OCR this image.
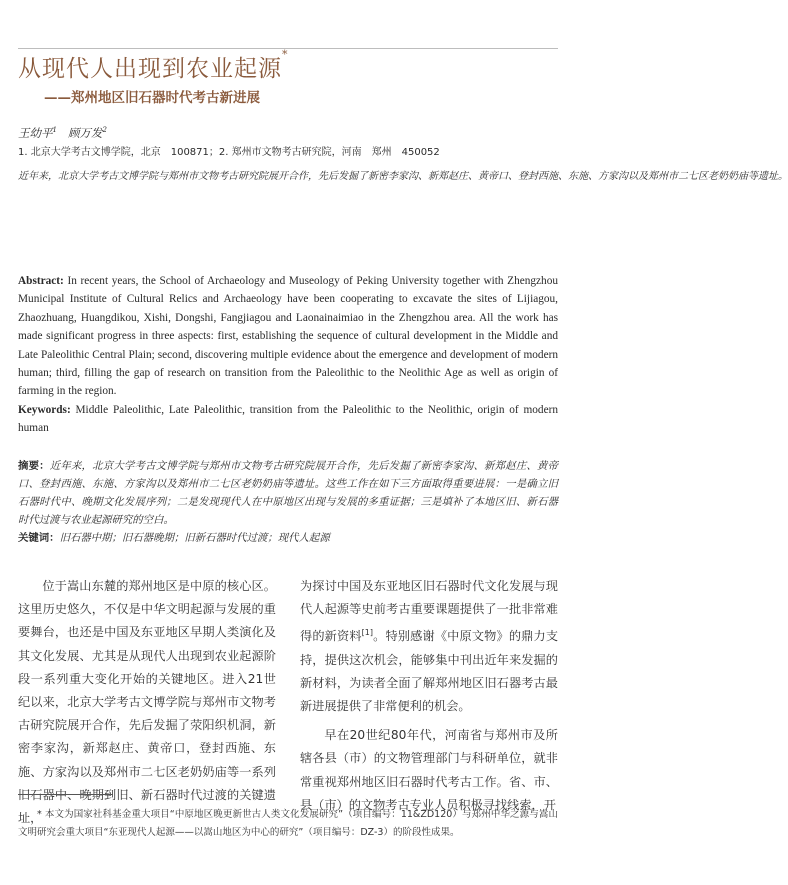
从现代人出现到农业起源*
——郑州地区旧石器时代考古新进展
王幼平$^1$ 顾万发$^2$
1. 北京大学考古文博学院，北京　100871；2. 郑州市文物考古研究院，河南　郑州　450052
近年来，北京大学考古文博学院与郑州市文物考古研究院展开合作，先后发掘了新密李家沟、新郑赵庄、黄帝口、登封西施、东施、方家沟以及郑州市二七区老奶奶庙等遗址。

Abstract: In recent years, the School of Archaeology and Museology of Peking University together with Zhengzhou Municipal Institute of Cultural Relics and Archaeology have been cooperating to excavate the sites of Lijiagou, Zhaozhuang, Huangdikou, Xishi, Dongshi, Fangjiagou and Laonainaimiao in the Zhengzhou area. All the work has made significant progress in three aspects: first, establishing the sequence of cultural development in the Middle and Late Paleolithic Central Plain; second, discovering multiple evidence about the emergence and development of modern human; third, filling the gap of research on transition from the Paleolithic to the Neolithic Age as well as origin of farming in the region.

Keywords: Middle Paleolithic, Late Paleolithic, transition from the Paleolithic to the Neolithic, origin of modern human

摘要：近年来，北京大学考古文博学院与郑州市文物考古研究院展开合作，先后发掘了新密李家沟、新郑赵庄、黄帝口、登封西施、东施、方家沟以及郑州市二七区老奶奶庙等遗址。这些工作在如下三方面取得重要进展：一是确立旧石器时代中、晚期文化发展序列；二是发现现代人在中原地区出现与发展的多重证据；三是填补了本地区旧、新石器时代过渡与农业起源研究的空白。

关键词：旧石器中期；旧石器晚期；旧新石器时代过渡；现代人起源

位于嵩山东麓的郑州地区是中原的核心区。这里历史悠久，不仅是中华文明起源与发展的重要舞台，也还是中国及东亚地区早期人类演化及其文化发展、尤其是从现代人出现到农业起源阶段一系列重大变化开始的关键地区。进入21世纪以来，北京大学考古文博学院与郑州市文物考古研究院展开合作，先后发掘了荥阳织机洞，新密李家沟，新郑赵庄、黄帝口，登封西施、东施、方家沟以及郑州市二七区老奶奶庙等一系列旧石器中、晚期到旧、新石器时代过渡的关键遗址，

为探讨中国及东亚地区旧石器时代文化发展与现代人起源等史前考古重要课题提供了一批非常难得的新资料[1]。特别感谢《中原文物》的鼎力支持，提供这次机会，能够集中刊出近年来发掘的新材料，为读者全面了解郑州地区旧石器考古最新进展提供了非常便利的机会。

早在20世纪80年代，河南省与郑州市及所辖各县（市）的文物管理部门与科研单位，就非常重视郑州地区旧石器时代考古工作。省、市、县（市）的文物考古专业人员积极寻找线索，开

* 本文为国家社科基金重大项目“中原地区晚更新世古人类文化发展研究”（项目编号：11&ZD120）与郑州中华之源与嵩山文明研究会重大项目“东亚现代人起源——以嵩山地区为中心的研究”（项目编号：DZ-3）的阶段性成果。
